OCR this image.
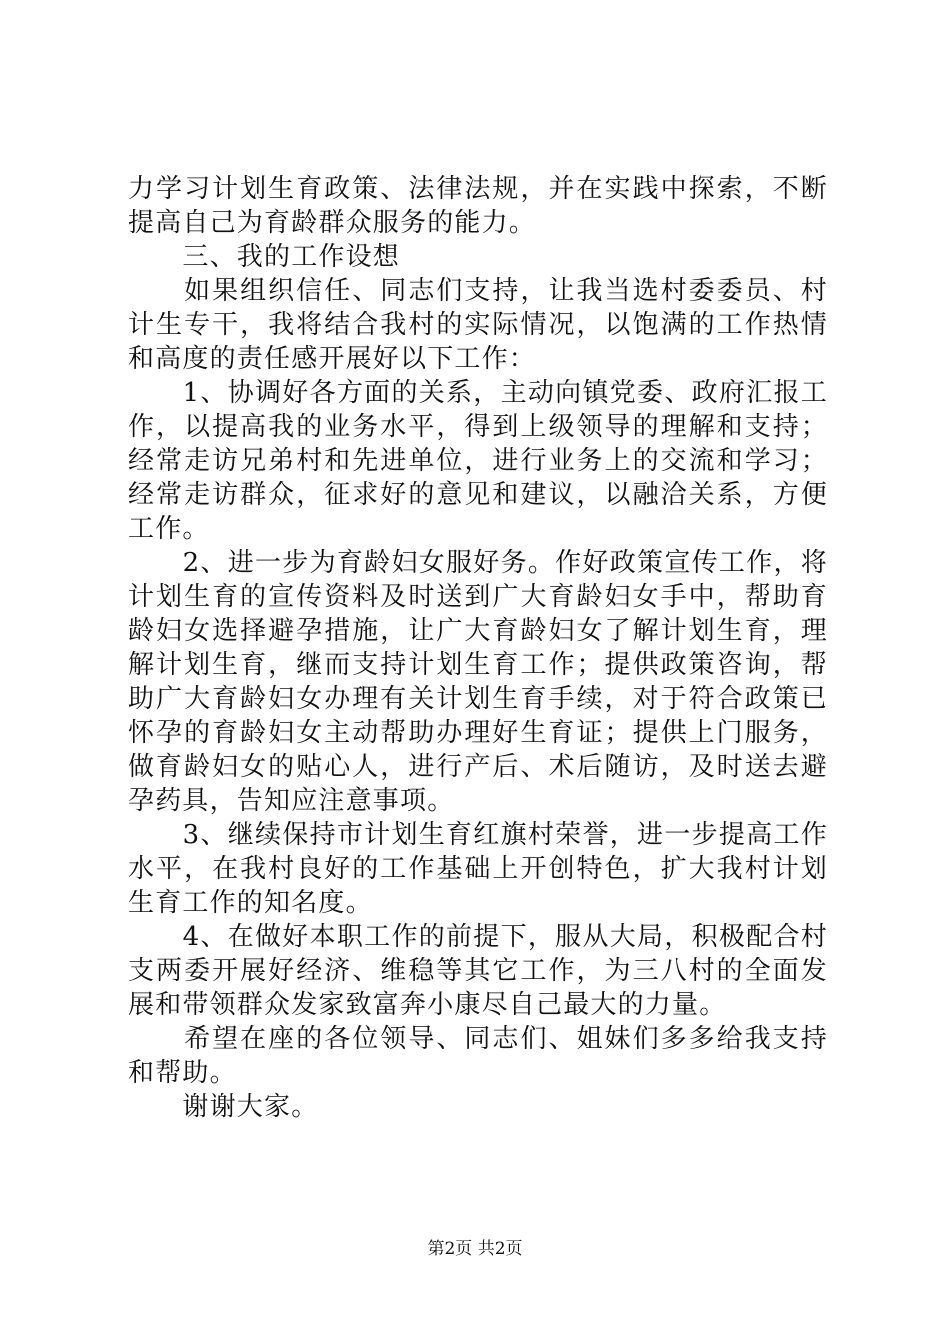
力学习计划生育政策、法律法规，并在实践中探索，不断提高自己为育龄群众服务的能力。

　　三、我的工作设想

　　如果组织信任、同志们支持，让我当选村委委员、村计生专干，我将结合我村的实际情况，以饱满的工作热情和高度的责任感开展好以下工作：

　　1、协调好各方面的关系，主动向镇党委、政府汇报工作，以提高我的业务水平，得到上级领导的理解和支持；经常走访兄弟村和先进单位，进行业务上的交流和学习；经常走访群众，征求好的意见和建议，以融洽关系，方便工作。

　　2、进一步为育龄妇女服好务。作好政策宣传工作，将计划生育的宣传资料及时送到广大育龄妇女手中，帮助育龄妇女选择避孕措施，让广大育龄妇女了解计划生育，理解计划生育，继而支持计划生育工作；提供政策咨询，帮助广大育龄妇女办理有关计划生育手续，对于符合政策已怀孕的育龄妇女主动帮助办理好生育证；提供上门服务，做育龄妇女的贴心人，进行产后、术后随访，及时送去避孕药具，告知应注意事项。

　　3、继续保持市计划生育红旗村荣誉，进一步提高工作水平，在我村良好的工作基础上开创特色，扩大我村计划生育工作的知名度。

　　4、在做好本职工作的前提下，服从大局，积极配合村支两委开展好经济、维稳等其它工作，为三八村的全面发展和带领群众发家致富奔小康尽自己最大的力量。

　　希望在座的各位领导、同志们、姐妹们多多给我支持和帮助。

　　谢谢大家。

第2页 共2页
